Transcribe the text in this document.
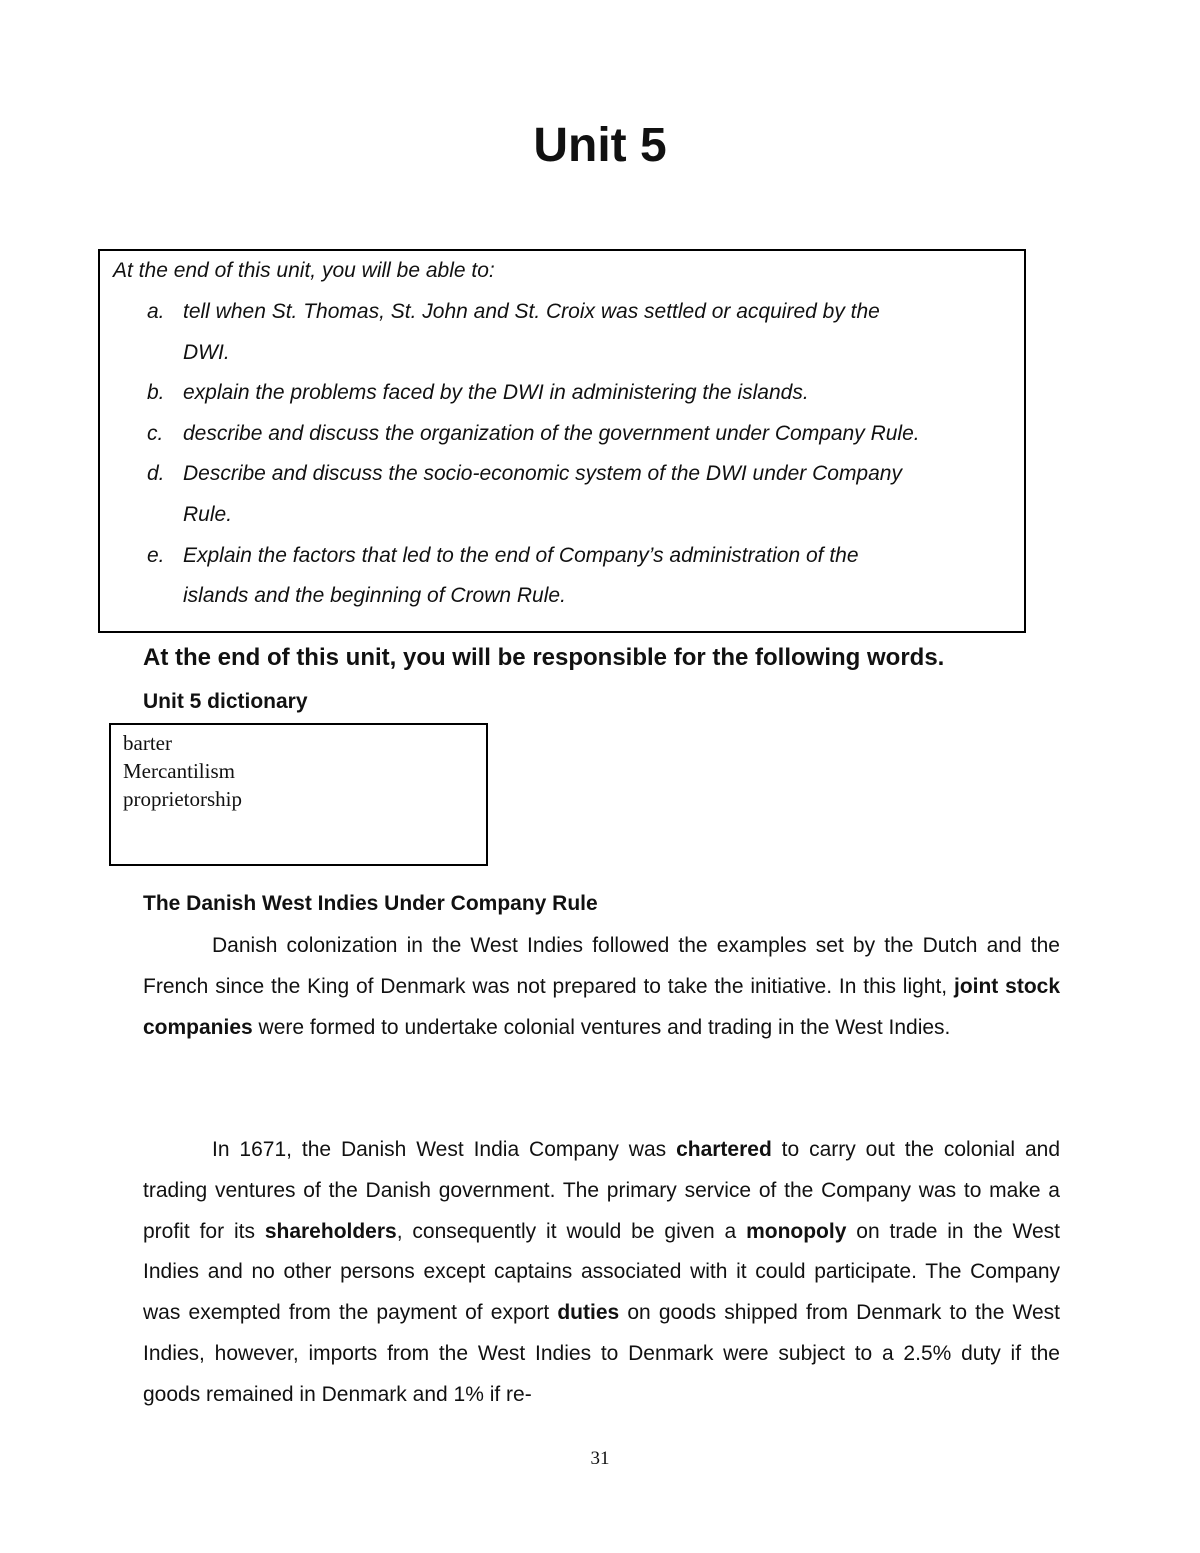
Unit 5
At the end of this unit, you will be able to:
a. tell when St. Thomas, St. John and St. Croix was settled or acquired by the
DWI.
b. explain the problems faced by the DWI in administering the islands.
c. describe and discuss the organization of the government under Company Rule.
d. Describe and discuss the socio-economic system of the DWI under Company
Rule.
e. Explain the factors that led to the end of Company’s administration of the
islands and the beginning of Crown Rule.
At the end of this unit, you will be responsible for the following words.
Unit 5 dictionary
barter
Mercantilism
proprietorship
The Danish West Indies Under Company Rule

Danish colonization in the West Indies followed the examples set by the Dutch and the French since the King of Denmark was not prepared to take the initiative. In this light, joint stock companies were formed to undertake colonial ventures and trading in the West Indies.

In 1671, the Danish West India Company was chartered to carry out the colonial and trading ventures of the Danish government. The primary service of the Company was to make a profit for its shareholders, consequently it would be given a monopoly on trade in the West Indies and no other persons except captains associated with it could participate. The Company was exempted from the payment of export duties on goods shipped from Denmark to the West Indies, however, imports from the West Indies to Denmark were subject to a 2.5% duty if the goods remained in Denmark and 1% if re-

31
